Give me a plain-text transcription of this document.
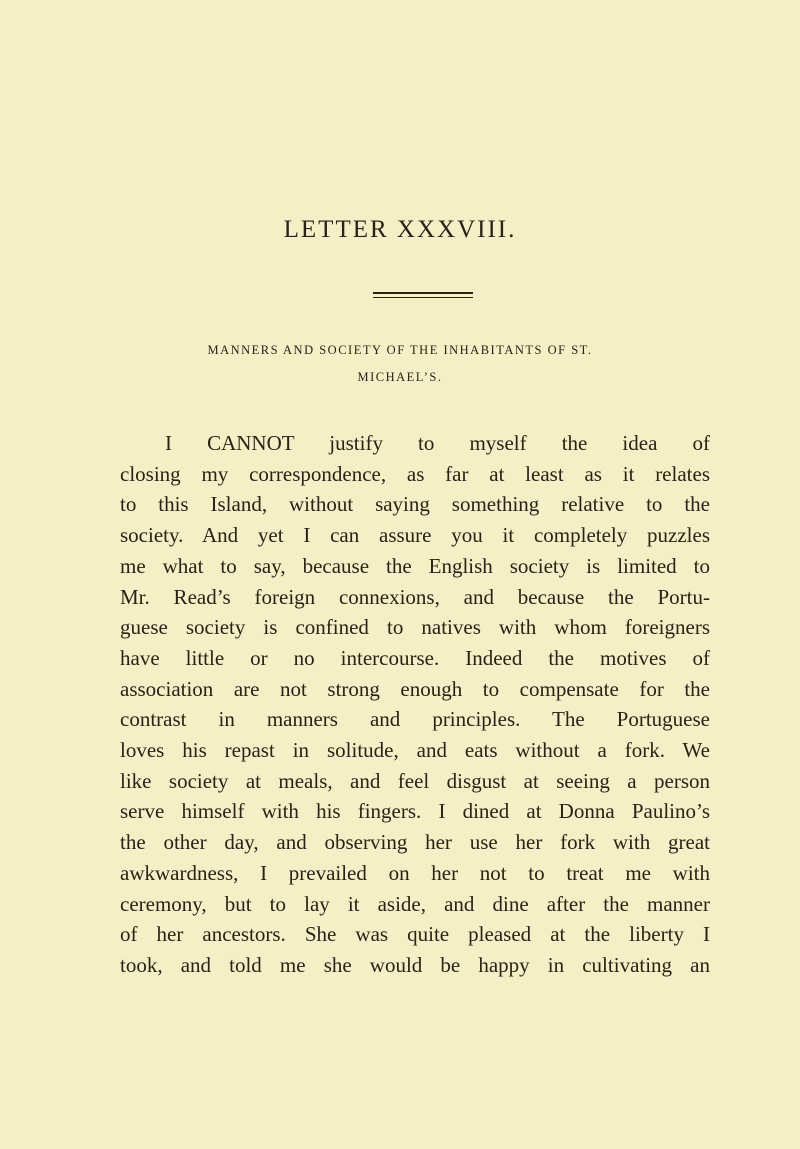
LETTER XXXVIII.
MANNERS AND SOCIETY OF THE INHABITANTS OF ST.
MICHAEL’S.
I CANNOT justify to myself the idea of
closing my correspondence, as far at least as it relates
to this Island, without saying something relative to the
society. And yet I can assure you it completely puzzles
me what to say, because the English society is limited to
Mr. Read’s foreign connexions, and because the Portu-
guese society is confined to natives with whom foreigners
have little or no intercourse. Indeed the motives of
association are not strong enough to compensate for the
contrast in manners and principles. The Portuguese
loves his repast in solitude, and eats without a fork. We
like society at meals, and feel disgust at seeing a person
serve himself with his fingers. I dined at Donna Paulino’s
the other day, and observing her use her fork with great
awkwardness, I prevailed on her not to treat me with
ceremony, but to lay it aside, and dine after the manner
of her ancestors. She was quite pleased at the liberty I
took, and told me she would be happy in cultivating an
